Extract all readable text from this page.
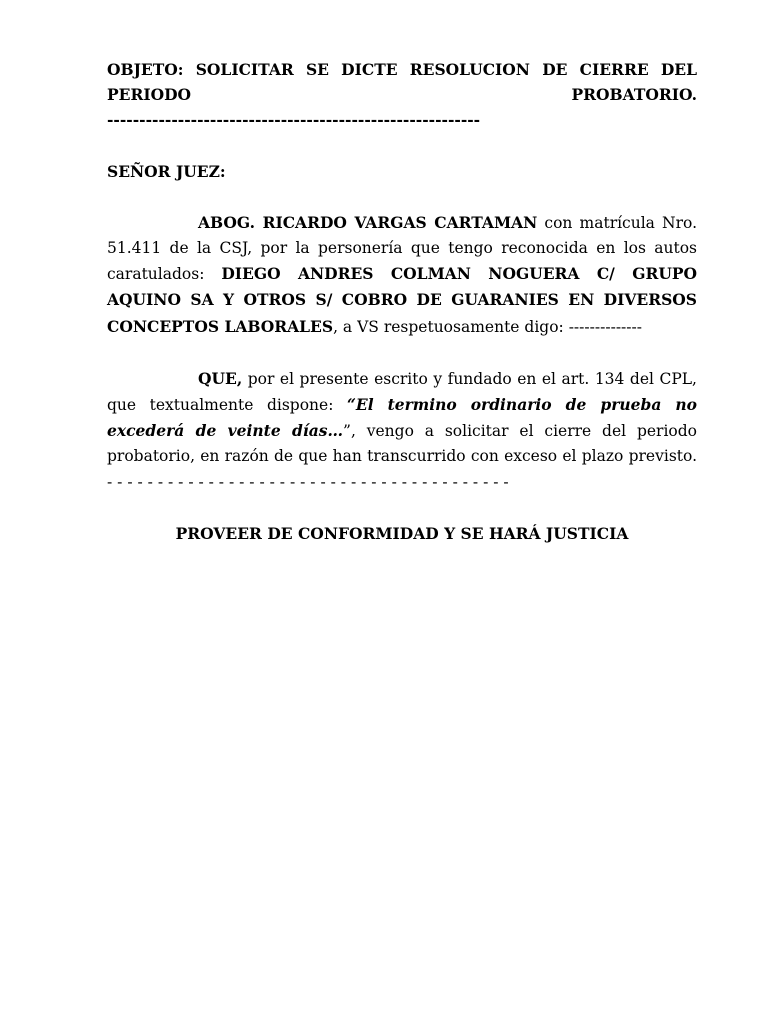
OBJETO: SOLICITAR SE DICTE RESOLUCION DE CIERRE DEL

PERIODO	PROBATORIO.

----------------------------------------------------------

SEÑOR JUEZ:

ABOG. RICARDO VARGAS CARTAMAN con matrícula Nro. 51.411 de la CSJ, por la personería que tengo reconocida en los autos caratulados: DIEGO ANDRES COLMAN NOGUERA C/ GRUPO AQUINO SA Y OTROS S/ COBRO DE GUARANIES EN DIVERSOS CONCEPTOS LABORALES, a VS respetuosamente digo: --------------

QUE, por el presente escrito y fundado en el art. 134 del CPL, que textualmente dispone: “El termino ordinario de prueba no excederá de veinte días…”, vengo a solicitar el cierre del periodo probatorio, en razón de que han transcurrido con exceso el plazo previsto. - - - - - - - - - - - - - - - - - - - - - - - - - - - - - - - - - - - - - - - -

PROVEER DE CONFORMIDAD Y SE HARÁ JUSTICIA
